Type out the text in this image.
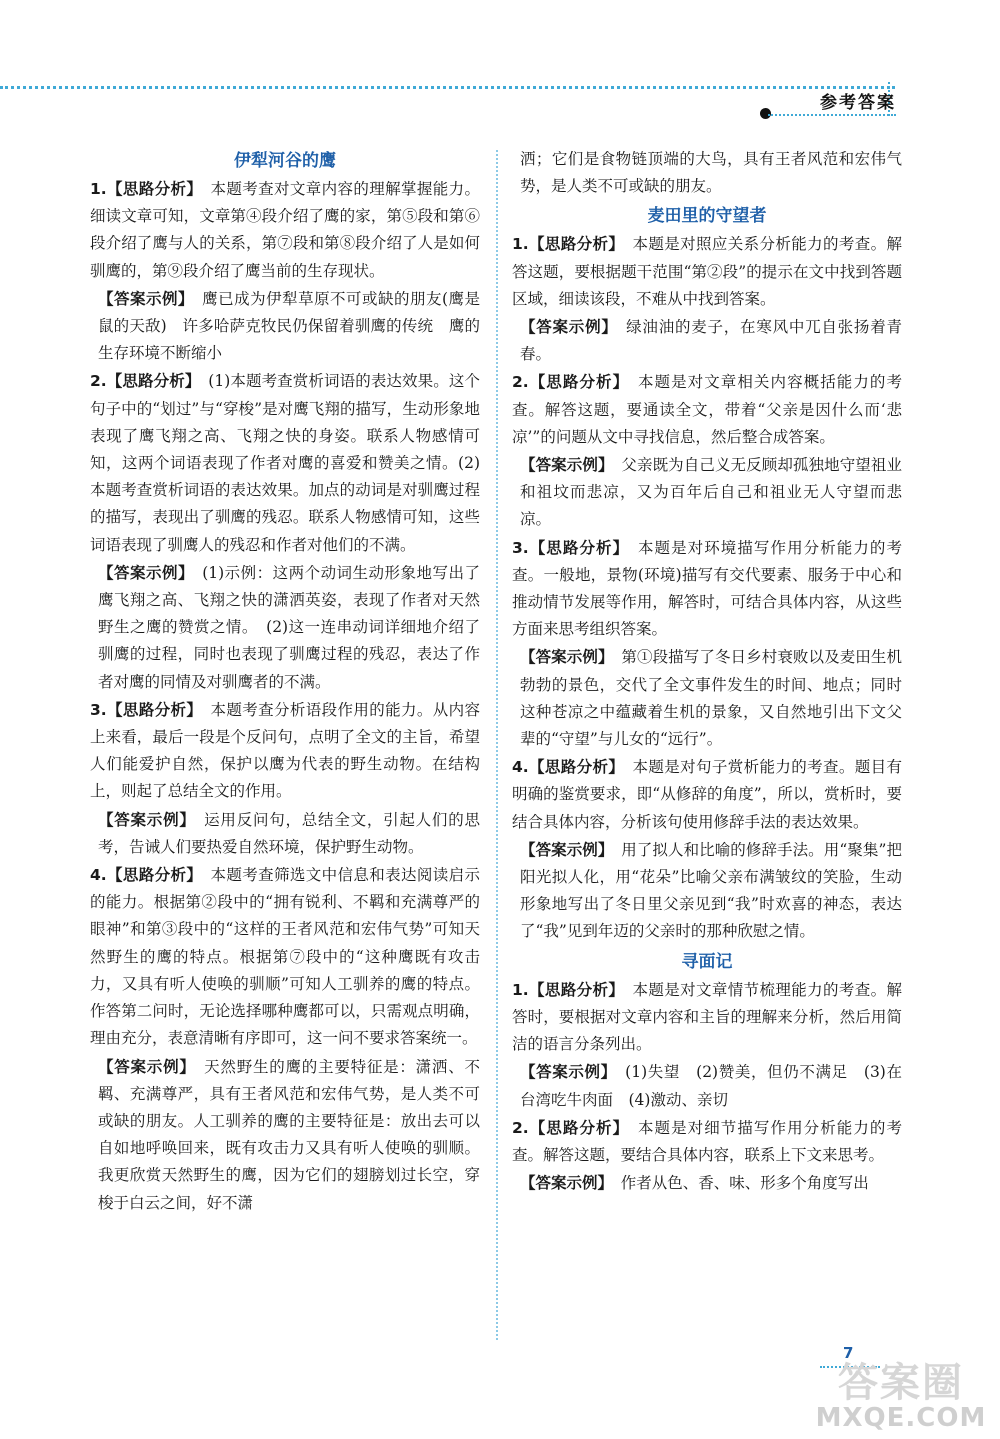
参考答案
伊犁河谷的鹰

1.【思路分析】　 本题考查对文章内容的理解掌握能力。细读文章可知，文章第④段介绍了鹰的家，第⑤段和第⑥段介绍了鹰与人的关系，第⑦段和第⑧段介绍了人是如何驯鹰的，第⑨段介绍了鹰当前的生存现状。

【答案示例】　 鹰已成为伊犁草原不可或缺的朋友(鹰是鼠的天敌)　许多哈萨克牧民仍保留着驯鹰的传统　鹰的生存环境不断缩小

2.【思路分析】　 (1)本题考查赏析词语的表达效果。这个句子中的“划过”与“穿梭”是对鹰飞翔的描写，生动形象地表现了鹰飞翔之高、飞翔之快的身姿。联系人物感情可知，这两个词语表现了作者对鹰的喜爱和赞美之情。(2)本题考查赏析词语的表达效果。加点的动词是对驯鹰过程的描写，表现出了驯鹰的残忍。联系人物感情可知，这些词语表现了驯鹰人的残忍和作者对他们的不满。

【答案示例】　 (1)示例：这两个动词生动形象地写出了鹰飞翔之高、飞翔之快的潇洒英姿，表现了作者对天然野生之鹰的赞赏之情。　(2)这一连串动词详细地介绍了驯鹰的过程，同时也表现了驯鹰过程的残忍，表达了作者对鹰的同情及对驯鹰者的不满。

3.【思路分析】　 本题考查分析语段作用的能力。从内容上来看，最后一段是个反问句，点明了全文的主旨，希望人们能爱护自然，保护以鹰为代表的野生动物。在结构上，则起了总结全文的作用。

【答案示例】　 运用反问句，总结全文，引起人们的思考，告诫人们要热爱自然环境，保护野生动物。

4.【思路分析】　 本题考查筛选文中信息和表达阅读启示的能力。根据第②段中的“拥有锐利、不羁和充满尊严的眼神”和第③段中的“这样的王者风范和宏伟气势”可知天然野生的鹰的特点。根据第⑦段中的“这种鹰既有攻击力，又具有听人使唤的驯顺”可知人工驯养的鹰的特点。作答第二问时，无论选择哪种鹰都可以，只需观点明确，理由充分，表意清晰有序即可，这一问不要求答案统一。

【答案示例】　 天然野生的鹰的主要特征是：潇洒、不羁、充满尊严，具有王者风范和宏伟气势，是人类不可或缺的朋友。人工驯养的鹰的主要特征是：放出去可以自如地呼唤回来，既有攻击力又具有听人使唤的驯顺。我更欣赏天然野生的鹰，因为它们的翅膀划过长空，穿梭于白云之间，好不潇

洒；它们是食物链顶端的大鸟，具有王者风范和宏伟气势，是人类不可或缺的朋友。

麦田里的守望者

1.【思路分析】　 本题是对照应关系分析能力的考查。解答这题，要根据题干范围“第②段”的提示在文中找到答题区域，细读该段，不难从中找到答案。

【答案示例】　 绿油油的麦子，在寒风中兀自张扬着青春。

2.【思路分析】　 本题是对文章相关内容概括能力的考查。解答这题，要通读全文，带着“父亲是因什么而‘悲凉’”的问题从文中寻找信息，然后整合成答案。

【答案示例】　 父亲既为自己义无反顾却孤独地守望祖业和祖坟而悲凉，又为百年后自己和祖业无人守望而悲凉。

3.【思路分析】　 本题是对环境描写作用分析能力的考查。一般地，景物(环境)描写有交代要素、服务于中心和推动情节发展等作用，解答时，可结合具体内容，从这些方面来思考组织答案。

【答案示例】　 第①段描写了冬日乡村衰败以及麦田生机勃勃的景色，交代了全文事件发生的时间、地点；同时这种苍凉之中蕴藏着生机的景象，又自然地引出下文父辈的“守望”与儿女的“远行”。

4.【思路分析】　 本题是对句子赏析能力的考查。题目有明确的鉴赏要求，即“从修辞的角度”，所以，赏析时，要结合具体内容，分析该句使用修辞手法的表达效果。

【答案示例】　 用了拟人和比喻的修辞手法。用“聚集”把阳光拟人化，用“花朵”比喻父亲布满皱纹的笑脸，生动形象地写出了冬日里父亲见到“我”时欢喜的神态，表达了“我”见到年迈的父亲时的那种欣慰之情。

寻面记

1.【思路分析】　 本题是对文章情节梳理能力的考查。解答时，要根据对文章内容和主旨的理解来分析，然后用简洁的语言分条列出。

【答案示例】　 (1)失望　(2)赞美，但仍不满足　(3)在台湾吃牛肉面　(4)激动、亲切

2.【思路分析】　 本题是对细节描写作用分析能力的考查。解答这题，要结合具体内容，联系上下文来思考。

【答案示例】　 作者从色、香、味、形多个角度写出

7
答案圈
MXQE.COM
